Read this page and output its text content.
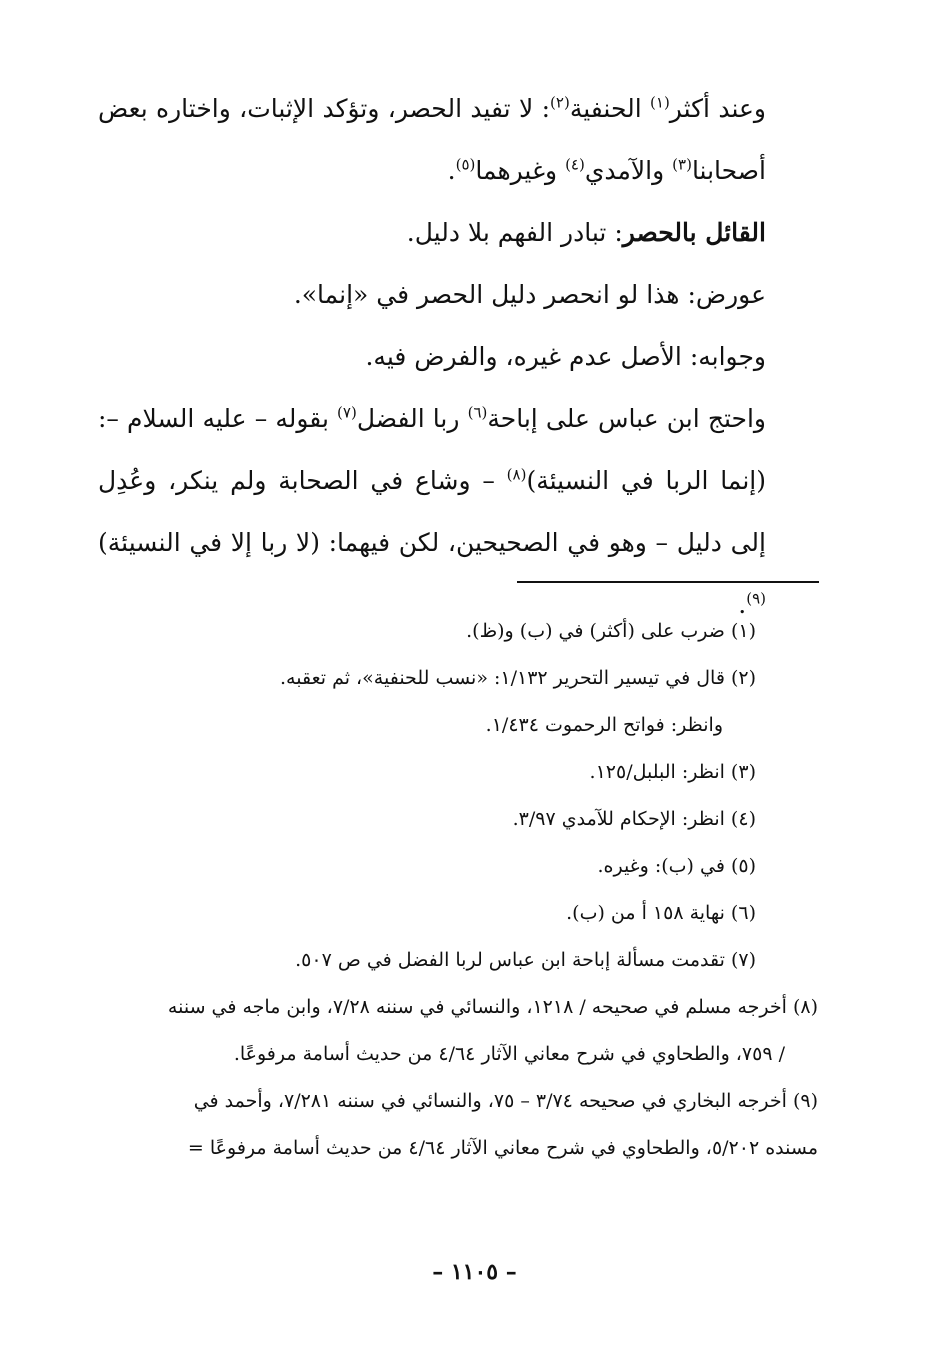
وعند أكثر$^{(١)}$ الحنفية$^{(٢)}$: لا تفيد الحصر، وتؤكد الإثبات، واختاره بعض أصحابنا$^{(٣)}$ والآمدي$^{(٤)}$ وغيرهما$^{(٥)}$.

القائل بالحصر: تبادر الفهم بلا دليل.

عورض: هذا لو انحصر دليل الحصر في «إنما».

وجوابه: الأصل عدم غيره، والفرض فيه.

واحتج ابن عباس على إباحة$^{(٦)}$ ربا الفضل$^{(٧)}$ بقوله – عليه السلام –: (إنما الربا في النسيئة)$^{(٨)}$ – وشاع في الصحابة ولم ينكر، وعُدِل إلى دليل – وهو في الصحيحين، لكن فيهما: (لا ربا إلا في النسيئة)$^{(٩)}$.

(١) ضرب على (أكثر) في (ب) و(ظ).

(٢) قال في تيسير التحرير ١/١٣٢: «نسب للحنفية»، ثم تعقبه.

وانظر: فواتح الرحموت ١/٤٣٤.

(٣) انظر: البلبل/١٢٥.

(٤) انظر: الإحكام للآمدي ٣/٩٧.

(٥) في (ب): وغيره.

(٦) نهاية ١٥٨ أ من (ب).

(٧) تقدمت مسألة إباحة ابن عباس لربا الفضل في ص ٥٠٧.

(٨) أخرجه مسلم في صحيحه / ١٢١٨، والنسائي في سننه ٧/٢٨، وابن ماجه في سننه

/ ٧٥٩، والطحاوي في شرح معاني الآثار ٤/٦٤ من حديث أسامة مرفوعًا.

(٩) أخرجه البخاري في صحيحه ٣/٧٤ – ٧٥، والنسائي في سننه ٧/٢٨١، وأحمد في

مسنده ٥/٢٠٢، والطحاوي في شرح معاني الآثار ٤/٦٤ من حديث أسامة مرفوعًا =

– ١١٠٥ –
